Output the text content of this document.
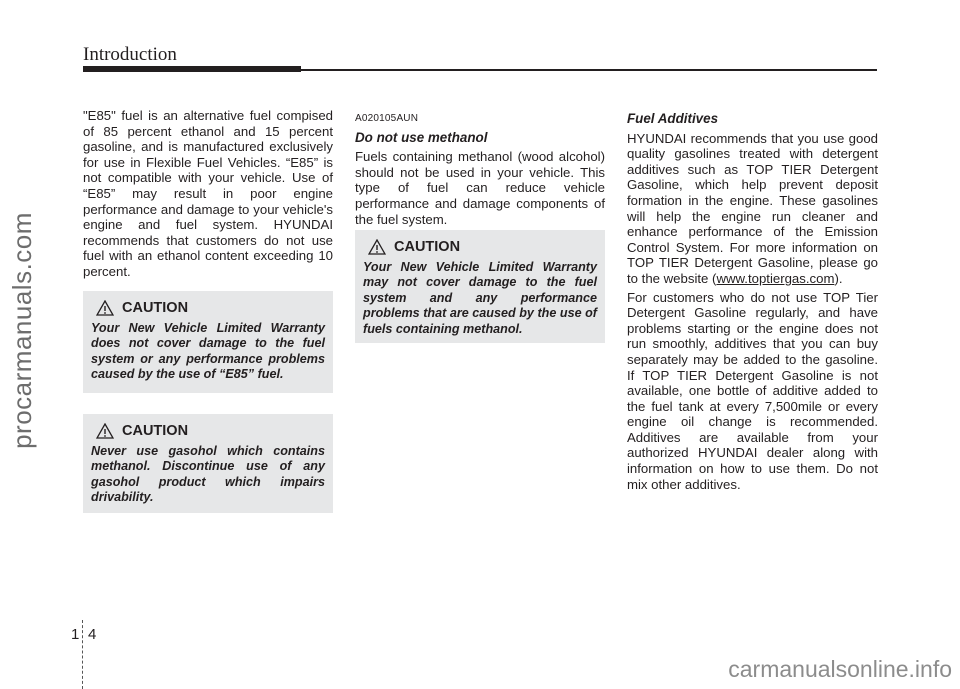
Introduction
procarmanuals.com

"E85" fuel is an alternative fuel compised of 85 percent ethanol and 15 percent gasoline, and is manufactured exclusively for use in Flexible Fuel Vehicles. “E85” is not compatible with your vehicle. Use of “E85” may result in poor engine performance and damage to your vehicle's engine and fuel system. HYUNDAI recommends that customers do not use fuel with an ethanol content exceeding 10 percent.

CAUTION
Your New Vehicle Limited Warranty does not cover damage to the fuel system or any performance problems caused by the use of “E85” fuel.
CAUTION
Never use gasohol which contains methanol. Discontinue use of any gasohol product which impairs drivability.
A020105AUN
Do not use methanol

Fuels containing methanol (wood alcohol) should not be used in your vehicle. This type of fuel can reduce vehicle performance and damage components of the fuel system.

CAUTION
Your New Vehicle Limited Warranty may not cover damage to the fuel system and any performance problems that are caused by the use of fuels containing methanol.
Fuel Additives

HYUNDAI recommends that you use good quality gasolines treated with detergent additives such as TOP TIER Detergent Gasoline, which help prevent deposit formation in the engine. These gasolines will help the engine run cleaner and enhance performance of the Emission Control System. For more information on TOP TIER Detergent Gasoline, please go to the website (www.toptiergas.com).

For customers who do not use TOP Tier Detergent Gasoline regularly, and have problems starting or the engine does not run smoothly, additives that you can buy separately may be added to the gasoline. If TOP TIER Detergent Gasoline is not available, one bottle of additive added to the fuel tank at every 7,500mile or every engine oil change is recommended. Additives are available from your authorized HYUNDAI dealer along with information on how to use them. Do not mix other additives.

1 4
carmanualsonline.info
